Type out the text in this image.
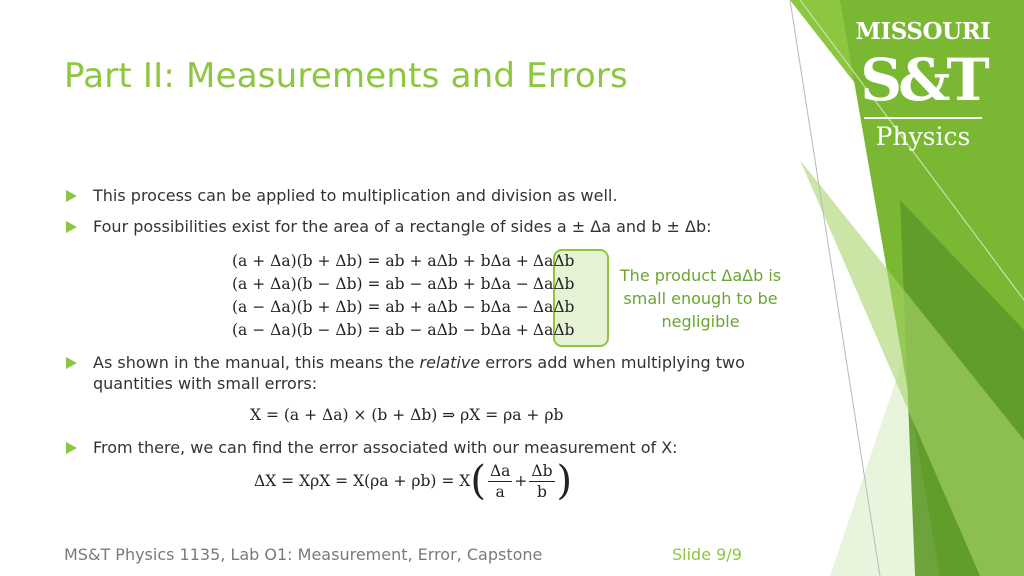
Part II: Measurements and Errors
MISSOURI
S&T
Physics
This process can be applied to multiplication and division as well.
Four possibilities exist for the area of a rectangle of sides a ± Δa and b ± Δb:
(a + Δa)(b + Δb) = ab + aΔb + bΔa + ΔaΔb
(a + Δa)(b − Δb) = ab − aΔb + bΔa − ΔaΔb
(a − Δa)(b + Δb) = ab + aΔb − bΔa − ΔaΔb
(a − Δa)(b − Δb) = ab − aΔb − bΔa + ΔaΔb
The product ΔaΔb is small enough to be negligible
As shown in the manual, this means the relative errors add when multiplying two quantities with small errors:
X = (a + Δa) × (b + Δb) ⇒ ρX = ρa + ρb
From there, we can find the error associated with our measurement of X:
$\Delta X = X\rho X = X(\rho a + \rho b) = X( \frac{\Delta a}{a} + \frac{\Delta b}{b}$ )
MS&T Physics 1135, Lab O1: Measurement, Error, Capstone	Slide 9/9
